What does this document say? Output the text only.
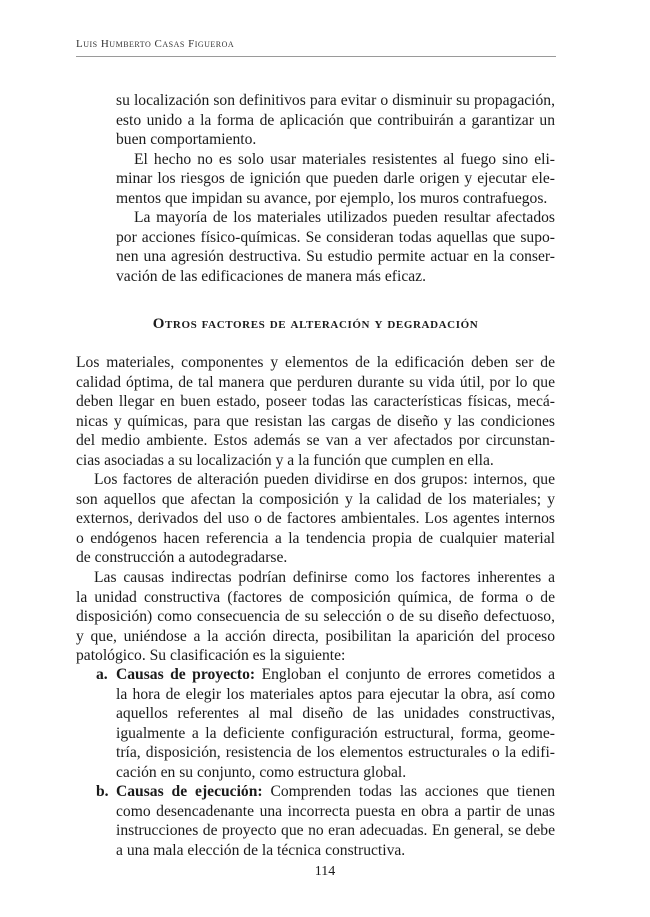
Luis Humberto Casas Figueroa
su localización son definitivos para evitar o disminuir su propagación,
esto unido a la forma de aplicación que contribuirán a garantizar un
buen comportamiento.
El hecho no es solo usar materiales resistentes al fuego sino eli-
minar los riesgos de ignición que pueden darle origen y ejecutar ele-
mentos que impidan su avance, por ejemplo, los muros contrafuegos.
La mayoría de los materiales utilizados pueden resultar afectados
por acciones físico-químicas. Se consideran todas aquellas que supo-
nen una agresión destructiva. Su estudio permite actuar en la conser-
vación de las edificaciones de manera más eficaz.
Otros factores de alteración y degradación
Los materiales, componentes y elementos de la edificación deben ser de
calidad óptima, de tal manera que perduren durante su vida útil, por lo que
deben llegar en buen estado, poseer todas las características físicas, mecá-
nicas y químicas, para que resistan las cargas de diseño y las condiciones
del medio ambiente. Estos además se van a ver afectados por circunstan-
cias asociadas a su localización y a la función que cumplen en ella.
Los factores de alteración pueden dividirse en dos grupos: internos, que
son aquellos que afectan la composición y la calidad de los materiales; y
externos, derivados del uso o de factores ambientales. Los agentes internos
o endógenos hacen referencia a la tendencia propia de cualquier material
de construcción a autodegradarse.
Las causas indirectas podrían definirse como los factores inherentes a
la unidad constructiva (factores de composición química, de forma o de
disposición) como consecuencia de su selección o de su diseño defectuoso,
y que, uniéndose a la acción directa, posibilitan la aparición del proceso
patológico. Su clasificación es la siguiente:
a. Causas de proyecto: Engloban el conjunto de errores cometidos a
la hora de elegir los materiales aptos para ejecutar la obra, así como
aquellos referentes al mal diseño de las unidades constructivas,
igualmente a la deficiente configuración estructural, forma, geome-
tría, disposición, resistencia de los elementos estructurales o la edifi-
cación en su conjunto, como estructura global.
b. Causas de ejecución: Comprenden todas las acciones que tienen
como desencadenante una incorrecta puesta en obra a partir de unas
instrucciones de proyecto que no eran adecuadas. En general, se debe
a una mala elección de la técnica constructiva.
114
